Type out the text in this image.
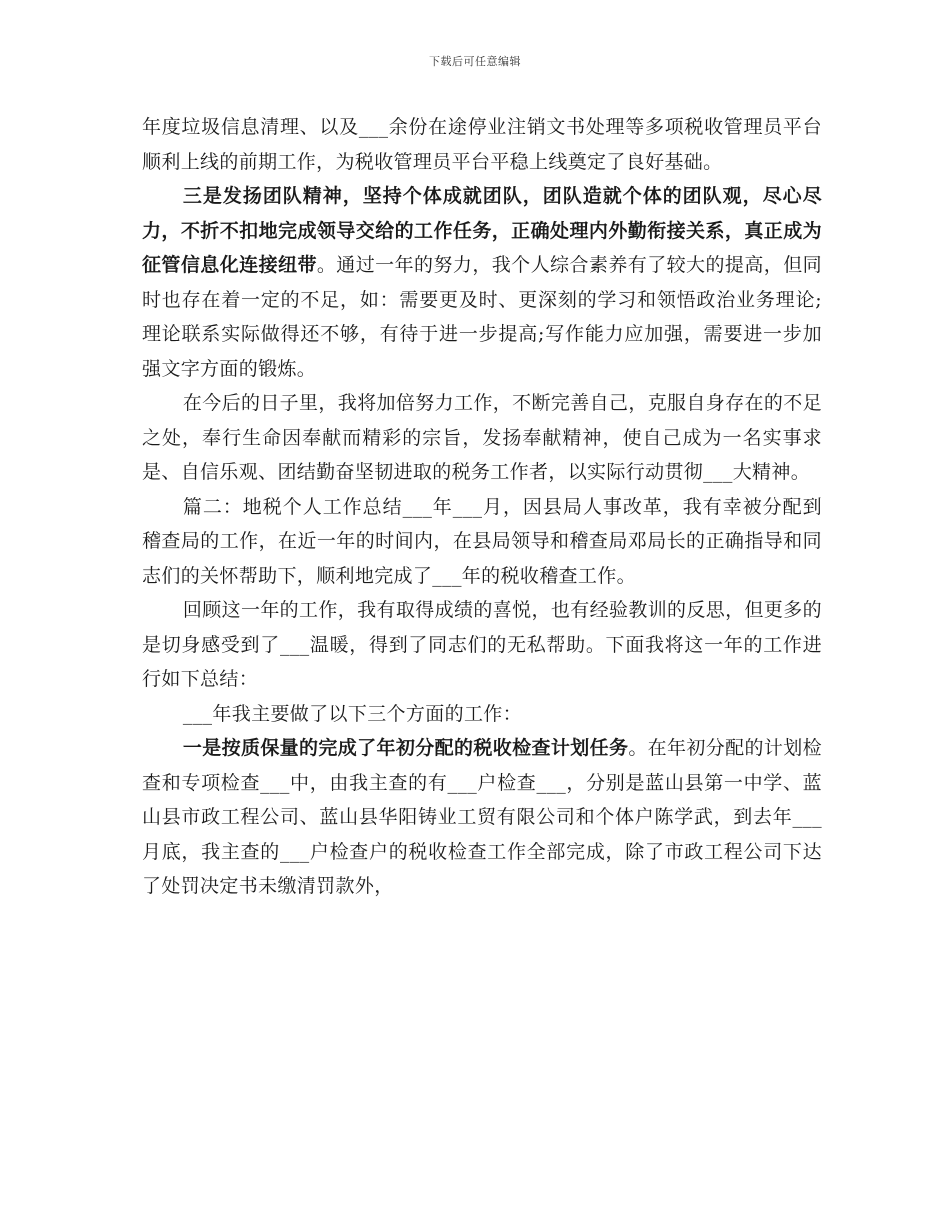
下载后可任意编辑

年度垃圾信息清理、以及___余份在途停业注销文书处理等多项税收管理员平台顺利上线的前期工作，为税收管理员平台平稳上线奠定了良好基础。

三是发扬团队精神，坚持个体成就团队，团队造就个体的团队观，尽心尽力，不折不扣地完成领导交给的工作任务，正确处理内外勤衔接关系，真正成为征管信息化连接纽带。通过一年的努力，我个人综合素养有了较大的提高，但同时也存在着一定的不足，如：需要更及时、更深刻的学习和领悟政治业务理论;理论联系实际做得还不够，有待于进一步提高;写作能力应加强，需要进一步加强文字方面的锻炼。

在今后的日子里，我将加倍努力工作，不断完善自己，克服自身存在的不足之处，奉行生命因奉献而精彩的宗旨，发扬奉献精神，使自己成为一名实事求是、自信乐观、团结勤奋坚韧进取的税务工作者，以实际行动贯彻___大精神。

篇二：地税个人工作总结___年___月，因县局人事改革，我有幸被分配到稽查局的工作，在近一年的时间内，在县局领导和稽查局邓局长的正确指导和同志们的关怀帮助下，顺利地完成了___年的税收稽查工作。

回顾这一年的工作，我有取得成绩的喜悦，也有经验教训的反思，但更多的是切身感受到了___温暖，得到了同志们的无私帮助。下面我将这一年的工作进行如下总结：

___年我主要做了以下三个方面的工作：

一是按质保量的完成了年初分配的税收检查计划任务。在年初分配的计划检查和专项检查___中，由我主查的有___户检查___，分别是蓝山县第一中学、蓝山县市政工程公司、蓝山县华阳铸业工贸有限公司和个体户陈学武，到去年___月底，我主查的___户检查户的税收检查工作全部完成，除了市政工程公司下达了处罚决定书未缴清罚款外，
